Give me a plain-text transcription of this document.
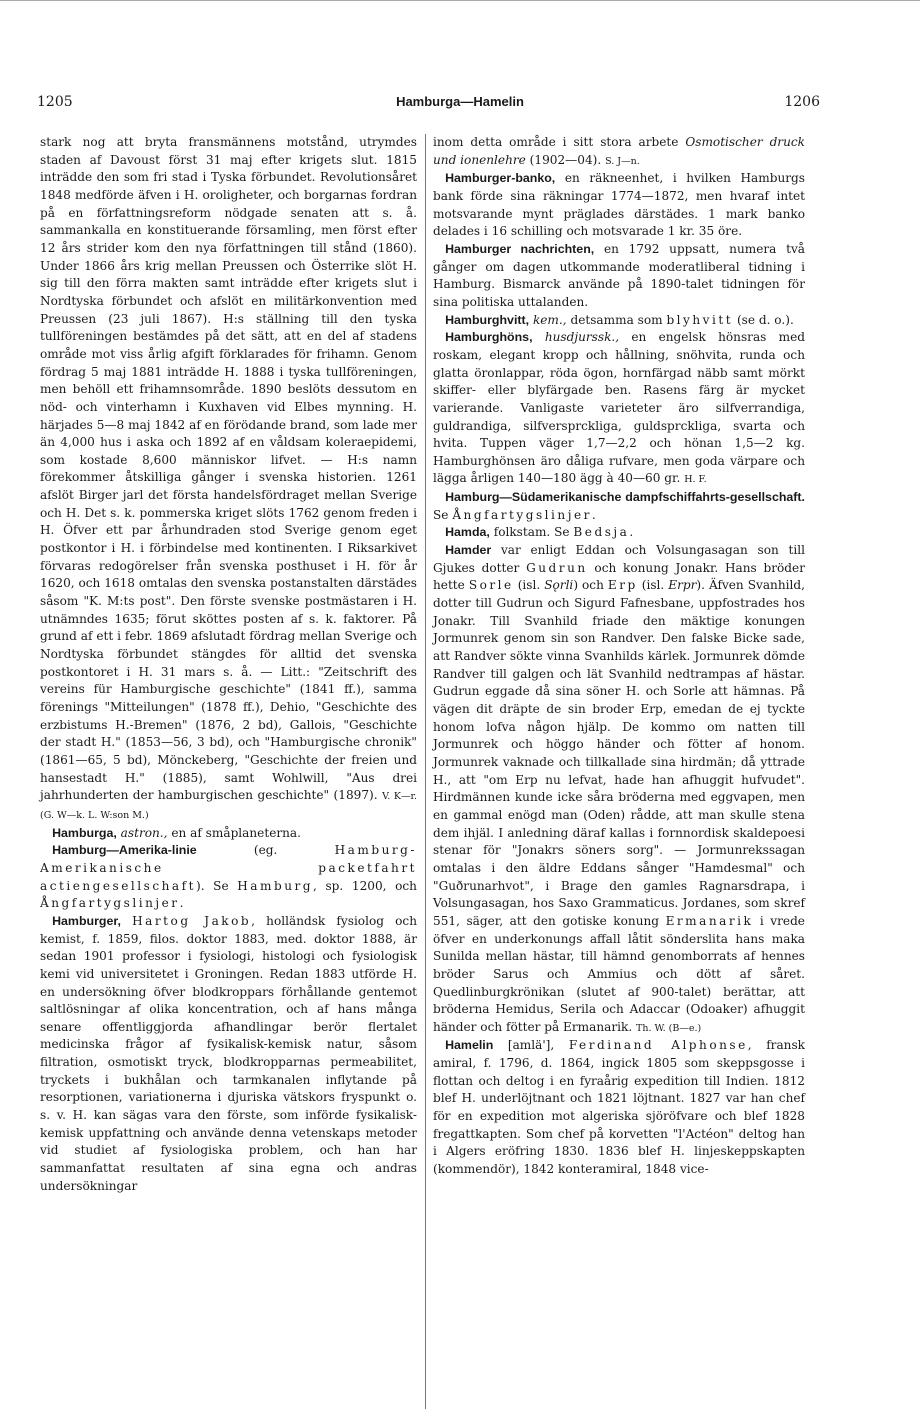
1205	Hamburga—Hamelin	1206

stark nog att bryta fransmännens motstånd, utrymdes staden af Davoust först 31 maj efter krigets slut. 1815 inträdde den som fri stad i Tyska förbundet. Revolutionsåret 1848 medförde äfven i H. oroligheter, och borgarnas fordran på en författningsreform nödgade senaten att s. å. sammankalla en konstituerande församling, men först efter 12 års strider kom den nya författningen till stånd (1860). Under 1866 års krig mellan Preussen och Österrike slöt H. sig till den förra makten samt inträdde efter krigets slut i Nordtyska förbundet och afslöt en militärkonvention med Preussen (23 juli 1867). H:s ställning till den tyska tullföreningen bestämdes på det sätt, att en del af stadens område mot viss årlig afgift förklarades för frihamn. Genom fördrag 5 maj 1881 inträdde H. 1888 i tyska tullföreningen, men behöll ett frihamnsområde. 1890 beslöts dessutom en nöd- och vinterhamn i Kuxhaven vid Elbes mynning. H. härjades 5—8 maj 1842 af en förödande brand, som lade mer än 4,000 hus i aska och 1892 af en våldsam koleraepidemi, som kostade 8,600 människor lifvet. — H:s namn förekommer åtskilliga gånger i svenska historien. 1261 afslöt Birger jarl det första handelsfördraget mellan Sverige och H. Det s. k. pommerska kriget slöts 1762 genom freden i H. Öfver ett par århundraden stod Sverige genom eget postkontor i H. i förbindelse med kontinenten. I Riksarkivet förvaras redogörelser från svenska posthuset i H. för år 1620, och 1618 omtalas den svenska postanstalten därstädes såsom "K. M:ts post". Den förste svenske postmästaren i H. utnämndes 1635; förut sköttes posten af s. k. faktorer. På grund af ett i febr. 1869 afslutadt fördrag mellan Sverige och Nordtyska förbundet stängdes för alltid det svenska postkontoret i H. 31 mars s. å. — Litt.: "Zeitschrift des vereins für Hamburgische geschichte" (1841 ff.), samma förenings "Mitteilungen" (1878 ff.), Dehio, "Geschichte des erzbistums H.-Bremen" (1876, 2 bd), Gallois, "Geschichte der stadt H." (1853—56, 3 bd), och "Hamburgische chronik" (1861—65, 5 bd), Mönckeberg, "Geschichte der freien und hansestadt H." (1885), samt Wohlwill, "Aus drei jahrhunderten der hamburgischen geschichte" (1897). V. K—r. (G. W—k. L. W:son M.)

Hamburga, astron., en af småplaneterna.

Hamburg—Amerika-linie	(eg.	Hamburg-Amerikanische packetfahrt actiengesellschaft). Se Hamburg, sp. 1200, och Ångfartygslinjer.

Hamburger, Hartog Jakob, holländsk fysiolog och kemist, f. 1859, filos. doktor 1883, med. doktor 1888, är sedan 1901 professor i fysiologi, histologi och fysiologisk kemi vid universitetet i Groningen. Redan 1883 utförde H. en undersökning öfver blodkroppars förhållande gentemot saltlösningar af olika koncentration, och af hans många senare offentliggjorda afhandlingar berör flertalet medicinska frågor af fysikalisk-kemisk natur, såsom filtration, osmotiskt tryck, blodkropparnas permeabilitet, tryckets i bukhålan och tarmkanalen inflytande på resorptionen, variationerna i djuriska vätskors fryspunkt o. s. v. H. kan sägas vara den förste, som införde fysikalisk-kemisk uppfattning och använde denna vetenskaps metoder vid studiet af fysiologiska problem, och han har sammanfattat resultaten af sina egna och andras undersökningar

inom detta område i sitt stora arbete Osmotischer druck und ionenlehre (1902—04). S. J—n.

Hamburger-banko, en räkneenhet, i hvilken Hamburgs bank förde sina räkningar 1774—1872, men hvaraf intet motsvarande mynt präglades därstädes. 1 mark banko delades i 16 schilling och motsvarade 1 kr. 35 öre.

Hamburger nachrichten, en 1792 uppsatt, numera två gånger om dagen utkommande moderatliberal tidning i Hamburg. Bismarck använde på 1890-talet tidningen för sina politiska uttalanden.

Hamburghvitt, kem., detsamma som blyhvitt (se d. o.).

Hamburghöns, husdjurssk., en engelsk hönsras med roskam, elegant kropp och hållning, snöhvita, runda och glatta öronlappar, röda ögon, hornfärgad näbb samt mörkt skiffer- eller blyfärgade ben. Rasens färg är mycket varierande. Vanligaste varieteter äro silfverrandiga, guldrandiga, silfversprckliga, guldsprckliga, svarta och hvita. Tuppen väger 1,7—2,2 och hönan 1,5—2 kg. Hamburghönsen äro dåliga rufvare, men goda värpare och lägga årligen 140—180 ägg à 40—60 gr. H. F.

Hamburg—Südamerikanische dampfschiffahrts-gesellschaft. Se Ångfartygslinjer.

Hamda, folkstam. Se Bedsja.

Hamder var enligt Eddan och Volsungasagan son till Gjukes dotter Gudrun och konung Jonakr. Hans bröder hette Sorle (isl. Sǫrli) och Erp (isl. Erpr). Äfven Svanhild, dotter till Gudrun och Sigurd Fafnesbane, uppfostrades hos Jonakr. Till Svanhild friade den mäktige konungen Jormunrek genom sin son Randver. Den falske Bicke sade, att Randver sökte vinna Svanhilds kärlek. Jormunrek dömde Randver till galgen och lät Svanhild nedtrampas af hästar. Gudrun eggade då sina söner H. och Sorle att hämnas. På vägen dit dräpte de sin broder Erp, emedan de ej tyckte honom lofva någon hjälp. De kommo om natten till Jormunrek och höggo händer och fötter af honom. Jormunrek vaknade och tillkallade sina hirdmän; då yttrade H., att "om Erp nu lefvat, hade han afhuggit hufvudet". Hirdmännen kunde icke såra bröderna med eggvapen, men en gammal enögd man (Oden) rådde, att man skulle stena dem ihjäl. I anledning däraf kallas i fornnordisk skaldepoesi stenar för "Jonakrs söners sorg". — Jormunrekssagan omtalas i den äldre Eddans sånger "Hamdesmal" och "Guðrunarhvot", i Brage den gamles Ragnarsdrapa, i Volsungasagan, hos Saxo Grammaticus. Jordanes, som skref 551, säger, att den gotiske konung Ermanarik i vrede öfver en underkonungs affall låtit sönderslita hans maka Sunilda mellan hästar, till hämnd genomborrats af hennes bröder Sarus och Ammius och dött af såret. Quedlinburgkrönikan (slutet af 900-talet) berättar, att bröderna Hemidus, Serila och Adaccar (Odoaker) afhuggit händer och fötter på Ermanarik. Th. W. (B—e.)

Hamelin [amlä'], Ferdinand Alphonse, fransk amiral, f. 1796, d. 1864, ingick 1805 som skeppsgosse i flottan och deltog i en fyraårig expedition till Indien. 1812 blef H. underlöjtnant och 1821 löjtnant. 1827 var han chef för en expedition mot algeriska sjöröfvare och blef 1828 fregattkapten. Som chef på korvetten "l'Actéon" deltog han i Algers eröfring 1830. 1836 blef H. linjeskeppskapten (kommendör), 1842 konteramiral, 1848 vice-
